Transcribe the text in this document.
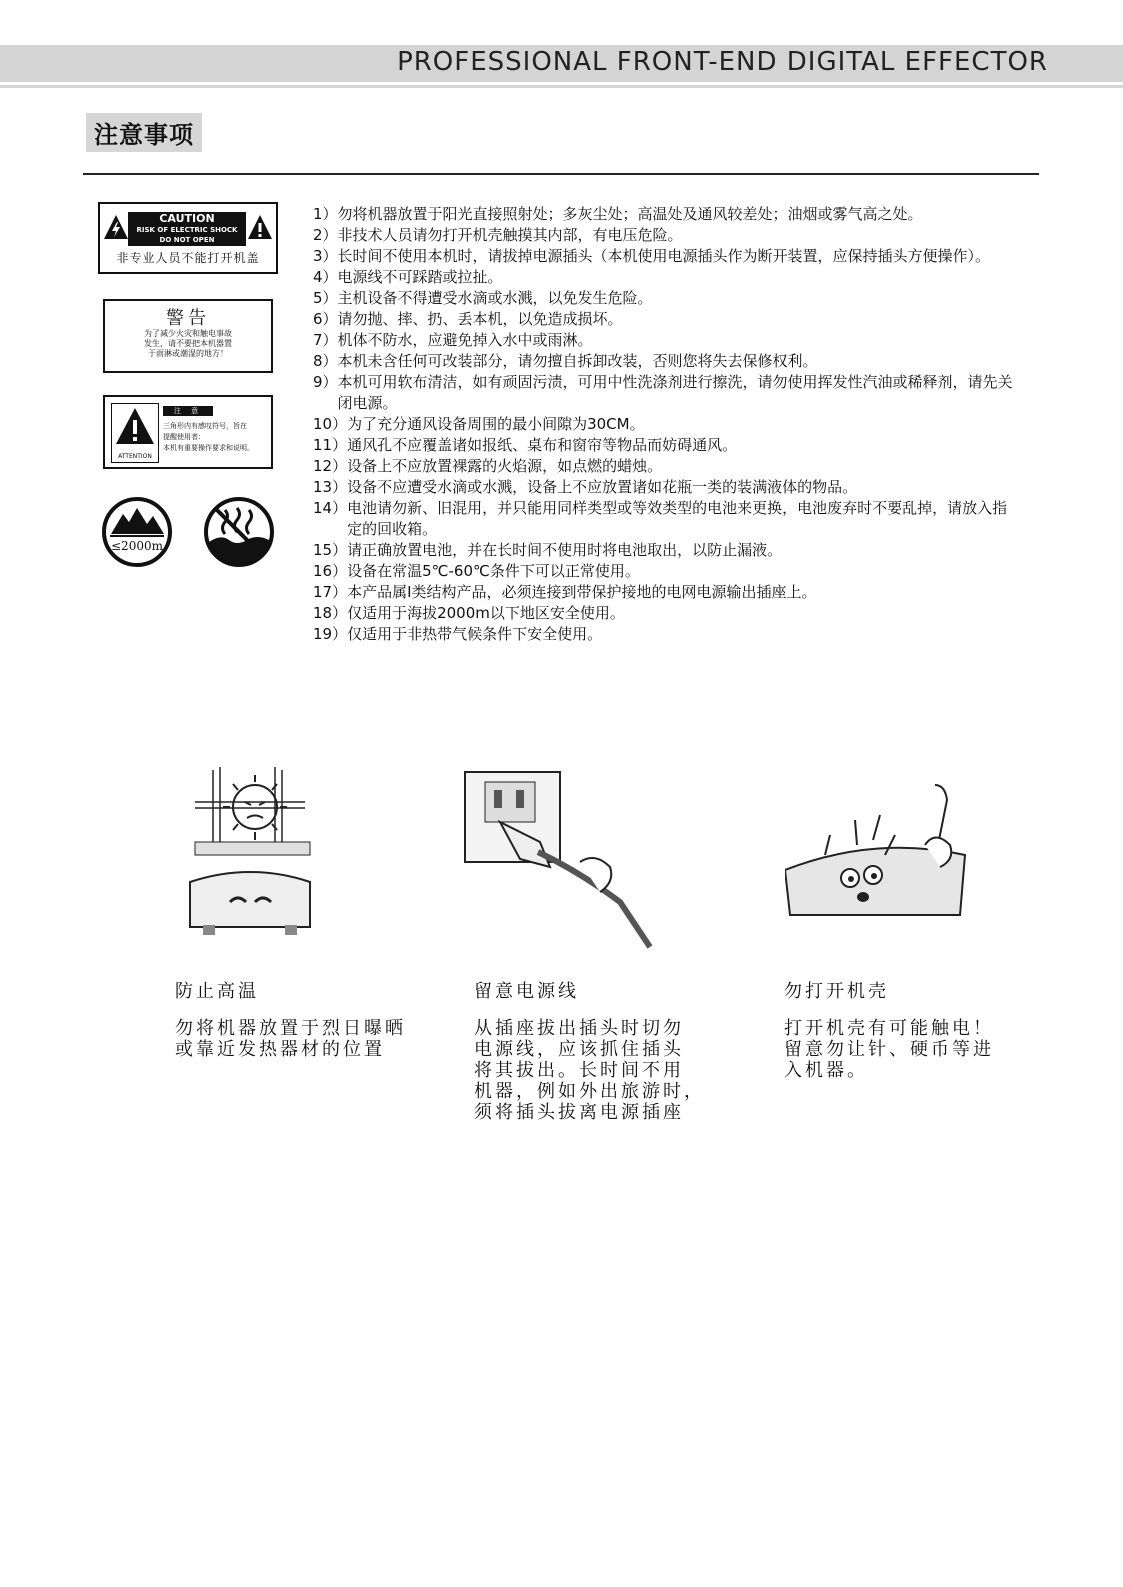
PROFESSIONAL FRONT-END DIGITAL EFFECTOR
注意事项
CAUTION
RISK OF ELECTRIC SHOCK
DO NOT OPEN
非专业人员不能打开机盖
警告
为了减少火灾和触电事故
发生，请不要把本机器置
于雨淋或潮湿的地方！
ATTENTION
注 意
三角形内有感叹符号，旨在
提醒使用者：
本机有重要操作要求和说明。
≤2000m
1） 勿将机器放置于阳光直接照射处；多灰尘处；高温处及通风较差处；油烟或雾气高之处。
2） 非技术人员请勿打开机壳触摸其内部，有电压危险。
3） 长时间不使用本机时，请拔掉电源插头（本机使用电源插头作为断开装置，应保持插头方便操作）。
4） 电源线不可踩踏或拉扯。
5） 主机设备不得遭受水滴或水溅，以免发生危险。
6） 请勿抛、摔、扔、丢本机，以免造成损坏。
7） 机体不防水，应避免掉入水中或雨淋。
8） 本机未含任何可改装部分，请勿擅自拆卸改装，否则您将失去保修权利。
9） 本机可用软布清洁，如有顽固污渍，可用中性洗涤剂进行擦洗，请勿使用挥发性汽油或稀释剂，请先关闭电源。
10） 为了充分通风设备周围的最小间隙为30CM。
11） 通风孔不应覆盖诸如报纸、桌布和窗帘等物品而妨碍通风。
12） 设备上不应放置裸露的火焰源，如点燃的蜡烛。
13） 设备不应遭受水滴或水溅，设备上不应放置诸如花瓶一类的装满液体的物品。
14） 电池请勿新、旧混用，并只能用同样类型或等效类型的电池来更换，电池废弃时不要乱掉，请放入指定的回收箱。
15） 请正确放置电池，并在长时间不使用时将电池取出，以防止漏液。
16） 设备在常温5℃-60℃条件下可以正常使用。
17） 本产品属I类结构产品，必须连接到带保护接地的电网电源输出插座上。
18） 仅适用于海拔2000m以下地区安全使用。
19） 仅适用于非热带气候条件下安全使用。
防止高温
勿将机器放置于烈日曝晒
或靠近发热器材的位置
留意电源线
从插座拔出插头时切勿
电源线，应该抓住插头
将其拔出。长时间不用
机器，例如外出旅游时，
须将插头拔离电源插座
勿打开机壳
打开机壳有可能触电！
留意勿让针、硬币等进
入机器。
